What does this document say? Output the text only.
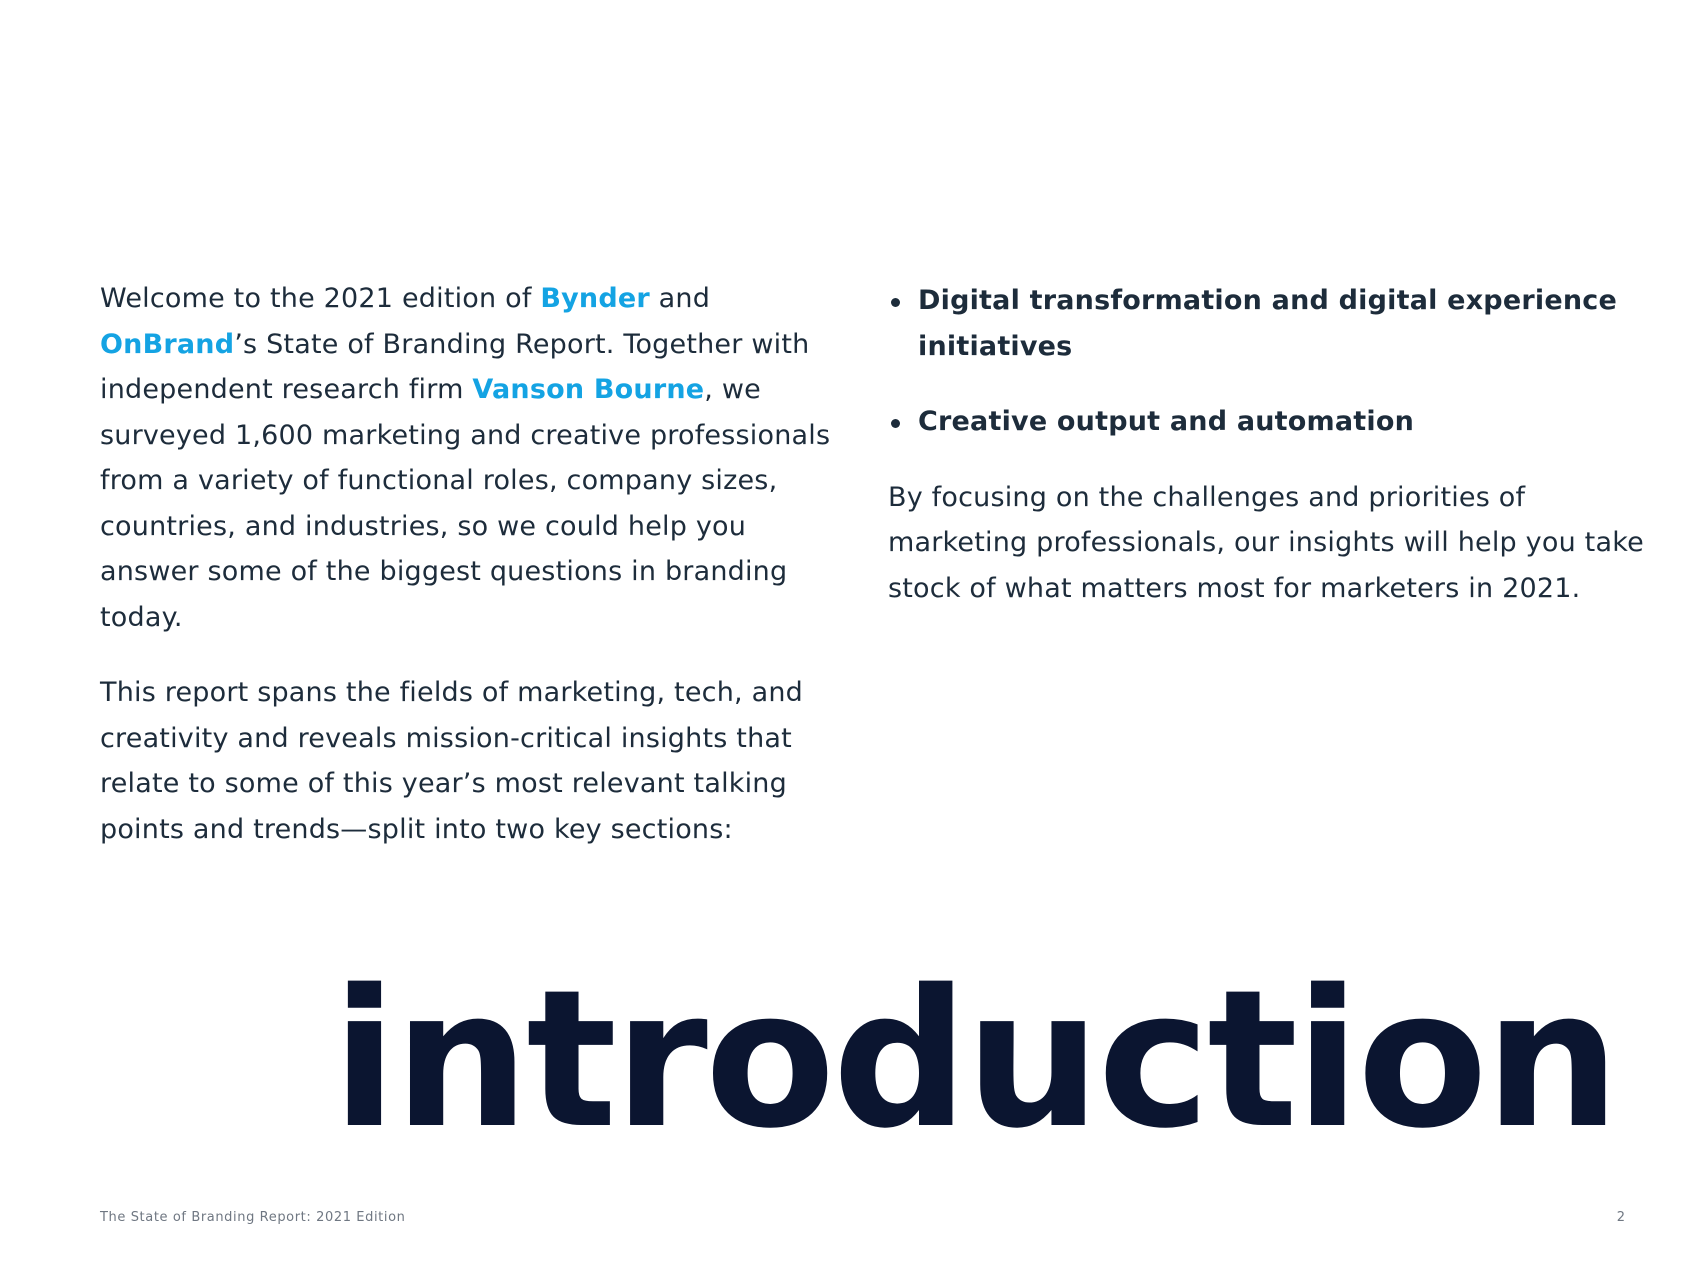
Welcome to the 2021 edition of Bynder and OnBrand’s State of Branding Report. Together with independent research firm Vanson Bourne, we surveyed 1,600 marketing and creative professionals from a variety of functional roles, company sizes, countries, and industries, so we could help you answer some of the biggest questions in branding today.

This report spans the fields of marketing, tech, and creativity and reveals mission-critical insights that relate to some of this year’s most relevant talking points and trends—split into two key sections:

Digital transformation and digital experience initiatives
Creative output and automation

By focusing on the challenges and priorities of marketing professionals, our insights will help you take stock of what matters most for marketers in 2021.

introduction
The State of Branding Report: 2021 Edition	2
